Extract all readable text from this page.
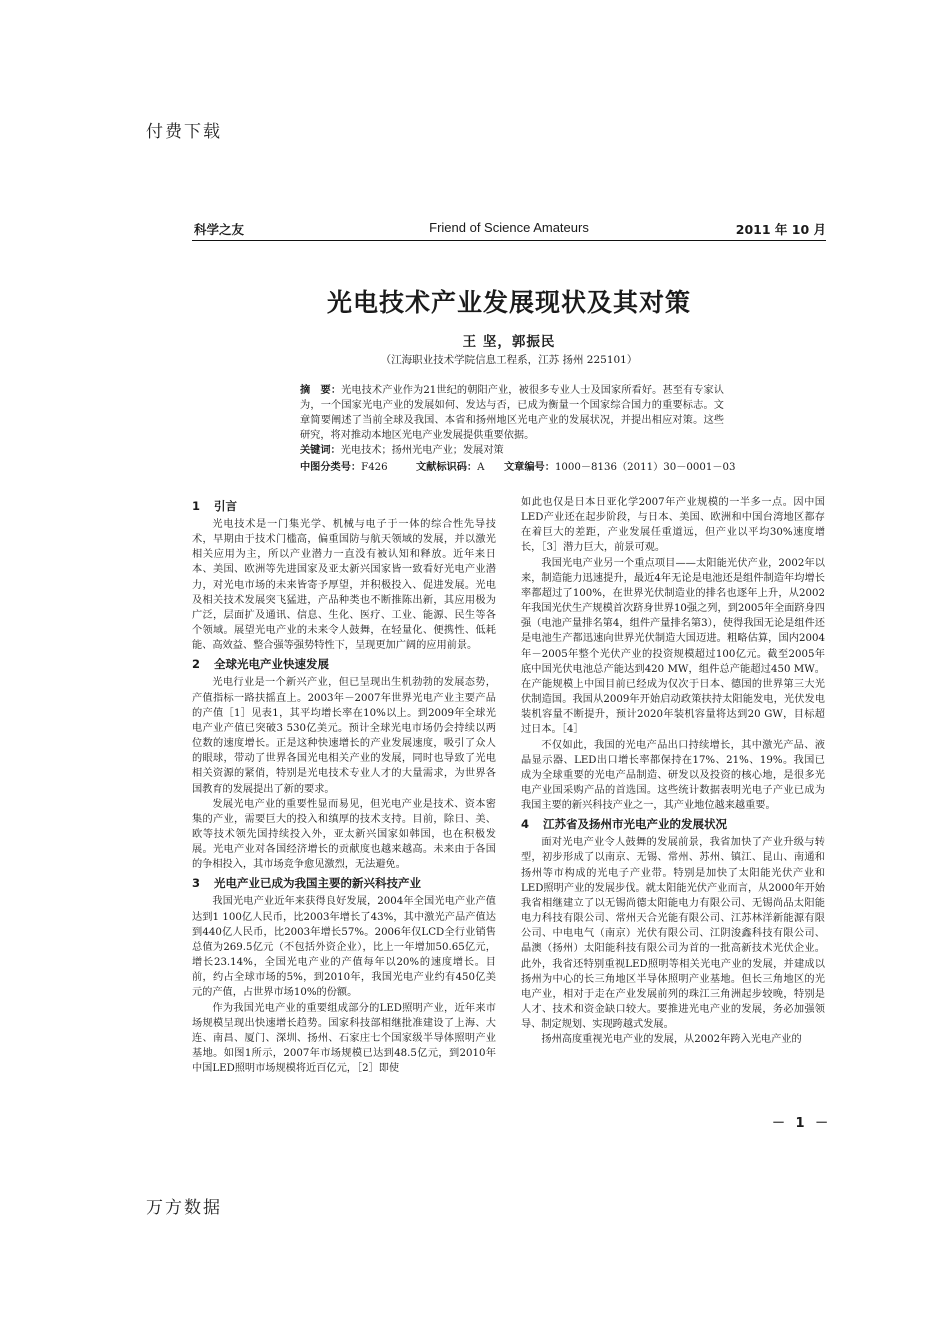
付费下载
科学之友	Friend of Science Amateurs	2011 年 10 月
光电技术产业发展现状及其对策
王 坚，郭振民
（江海职业技术学院信息工程系，江苏 扬州 225101）
摘　要：光电技术产业作为21世纪的朝阳产业，被很多专业人士及国家所看好。甚至有专家认为，一个国家光电产业的发展如何、发达与否，已成为衡量一个国家综合国力的重要标志。文章简要阐述了当前全球及我国、本省和扬州地区光电产业的发展状况，并提出相应对策。这些研究，将对推动本地区光电产业发展提供重要依据。
关键词：光电技术；扬州光电产业；发展对策
中图分类号：F426	文献标识码：A 文章编号：1000－8136（2011）30－0001－03
1 引言

光电技术是一门集光学、机械与电子于一体的综合性先导技术，早期由于技术门槛高，偏重国防与航天领域的发展，并以激光相关应用为主，所以产业潜力一直没有被认知和释放。近年来日本、美国、欧洲等先进国家及亚太新兴国家皆一致看好光电产业潜力，对光电市场的未来皆寄予厚望，并积极投入、促进发展。光电及相关技术发展突飞猛进，产品种类也不断推陈出新，其应用极为广泛，层面扩及通讯、信息、生化、医疗、工业、能源、民生等各个领域。展望光电产业的未来令人鼓舞，在轻量化、便携性、低耗能、高效益、整合强等强势特性下，呈现更加广阔的应用前景。

2 全球光电产业快速发展

光电行业是一个新兴产业，但已呈现出生机勃勃的发展态势，产值指标一路扶摇直上。2003年－2007年世界光电产业主要产品的产值［1］见表1，其平均增长率在10%以上。到2009年全球光电产业产值已突破3 530亿美元。预计全球光电市场仍会持续以两位数的速度增长。正是这种快速增长的产业发展速度，吸引了众人的眼球，带动了世界各国光电相关产业的发展，同时也导致了光电相关资源的紧俏，特别是光电技术专业人才的大量需求，为世界各国教育的发展提出了新的要求。

发展光电产业的重要性显而易见，但光电产业是技术、资本密集的产业，需要巨大的投入和缜厚的技术支持。目前，除日、美、欧等技术领先国持续投入外，亚太新兴国家如韩国，也在积极发展。光电产业对各国经济增长的贡献度也越来越高。未来由于各国的争相投入，其市场竞争愈见激烈，无法避免。

3 光电产业已成为我国主要的新兴科技产业

我国光电产业近年来获得良好发展，2004年全国光电产业产值达到1 100亿人民币，比2003年增长了43%，其中激光产品产值达到440亿人民币，比2003年增长57%。2006年仅LCD全行业销售总值为269.5亿元（不包括外资企业），比上一年增加50.65亿元，增长23.14%，全国光电产业的产值每年以20%的速度增长。目前，约占全球市场的5%，到2010年，我国光电产业约有450亿美元的产值，占世界市场10%的份额。

作为我国光电产业的重要组成部分的LED照明产业，近年来市场规模呈现出快速增长趋势。国家科技部相继批准建设了上海、大连、南昌、厦门、深圳、扬州、石家庄七个国家级半导体照明产业基地。如图1所示，2007年市场规模已达到48.5亿元，到2010年中国LED照明市场规模将近百亿元，［2］即使

如此也仅是日本日亚化学2007年产业规模的一半多一点。因中国LED产业还在起步阶段，与日本、美国、欧洲和中国台湾地区都存在着巨大的差距，产业发展任重道远，但产业以平均30%速度增长，［3］潜力巨大，前景可观。

我国光电产业另一个重点项目——太阳能光伏产业，2002年以来，制造能力迅速提升，最近4年无论是电池还是组件制造年均增长率都超过了100%，在世界光伏制造业的排名也逐年上升，从2002年我国光伏生产规模首次跻身世界10强之列，到2005年全面跻身四强（电池产量排名第4，组件产量排名第3），使得我国无论是组件还是电池生产都迅速向世界光伏制造大国迈进。粗略估算，国内2004年－2005年整个光伏产业的投资规模超过100亿元。截至2005年底中国光伏电池总产能达到420 MW，组件总产能超过450 MW。在产能规模上中国目前已经成为仅次于日本、德国的世界第三大光伏制造国。我国从2009年开始启动政策扶持太阳能发电，光伏发电装机容量不断提升，预计2020年装机容量将达到20 GW，目标超过日本。［4］

不仅如此，我国的光电产品出口持续增长，其中激光产品、液晶显示器、LED出口增长率都保持在17%、21%、19%。我国已成为全球重要的光电产品制造、研发以及投资的核心地，是很多光电产业国采购产品的首选国。这些统计数据表明光电子产业已成为我国主要的新兴科技产业之一，其产业地位越来越重要。

4 江苏省及扬州市光电产业的发展状况

面对光电产业令人鼓舞的发展前景，我省加快了产业升级与转型，初步形成了以南京、无锡、常州、苏州、镇江、昆山、南通和扬州等市构成的光电子产业带。特别是加快了太阳能光伏产业和LED照明产业的发展步伐。就太阳能光伏产业而言，从2000年开始我省相继建立了以无锡尚德太阳能电力有限公司、无锡尚品太阳能电力科技有限公司、常州天合光能有限公司、江苏林洋新能源有限公司、中电电气（南京）光伏有限公司、江阴浚鑫科技有限公司、晶澳（扬州）太阳能科技有限公司为首的一批高新技术光伏企业。此外，我省还特别重视LED照明等相关光电产业的发展，并建成以扬州为中心的长三角地区半导体照明产业基地。但长三角地区的光电产业，相对于走在产业发展前列的珠江三角洲起步较晚，特别是人才、技术和资金缺口较大。要推进光电产业的发展，务必加强领导、制定规划、实现跨越式发展。

扬州高度重视光电产业的发展，从2002年跨入光电产业的

－ 1 －
万方数据
